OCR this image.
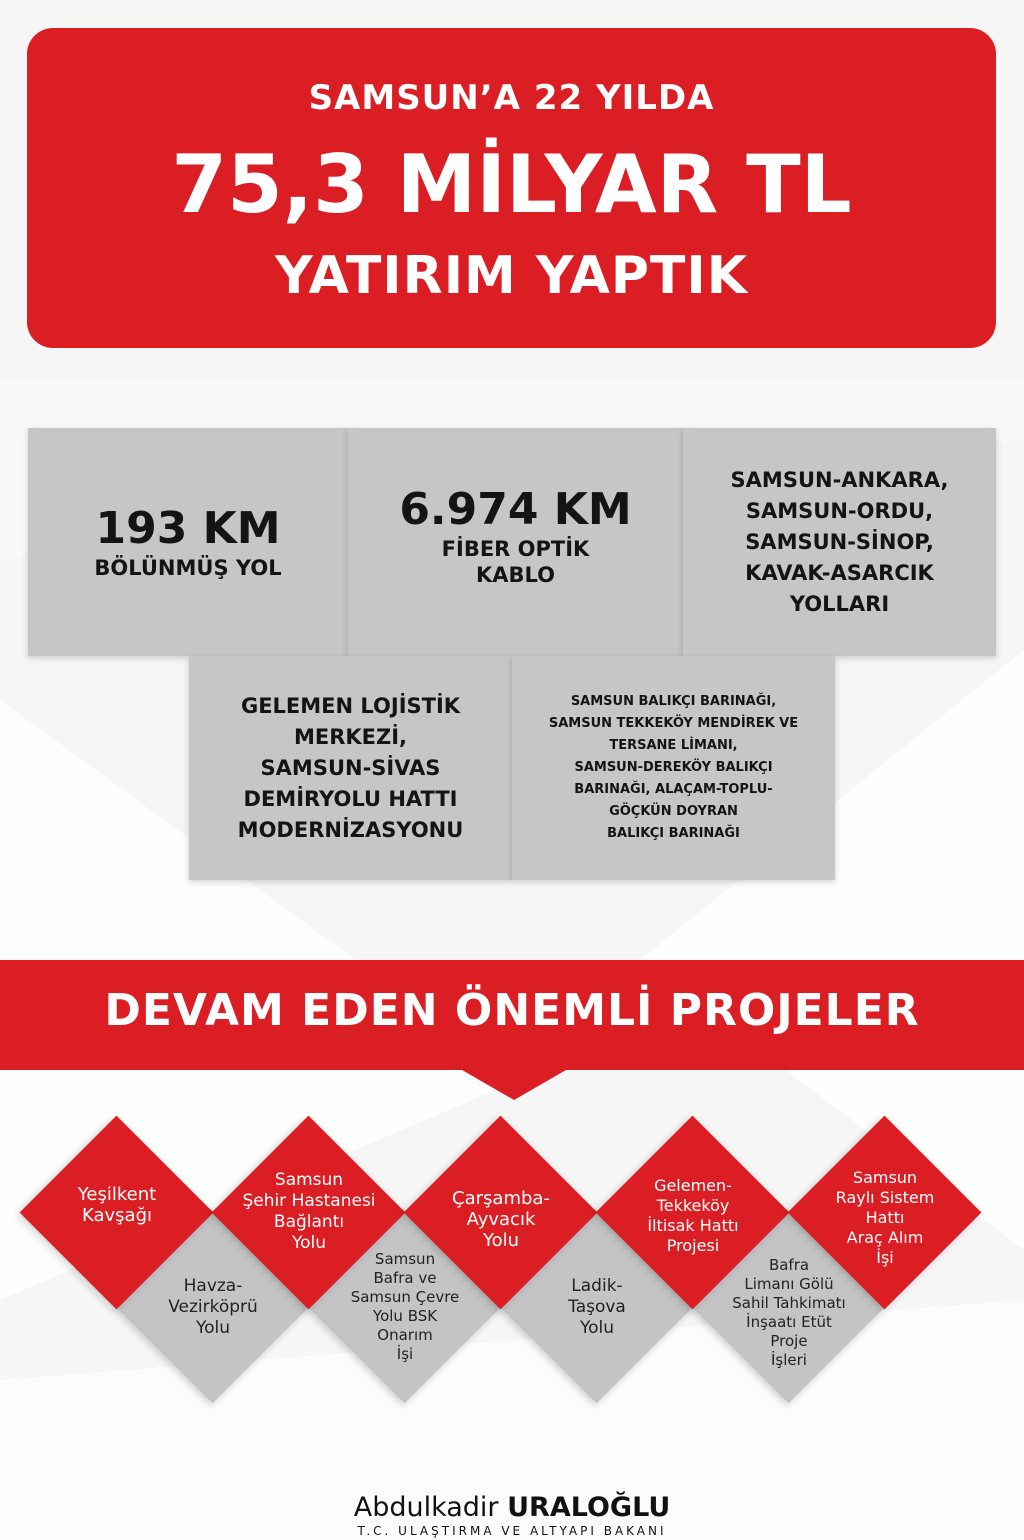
SAMSUN’A 22 YILDA
75,3 MİLYAR TL
YATIRIM YAPTIK
193 KM
BÖLÜNMÜŞ YOL
6.974 KM
FİBER OPTİK
KABLO
SAMSUN-ANKARA,
SAMSUN-ORDU,
SAMSUN-SİNOP,
KAVAK-ASARCIK
YOLLARI
GELEMEN LOJİSTİK
MERKEZİ,
SAMSUN-SİVAS
DEMİRYOLU HATTI
MODERNİZASYONU
SAMSUN BALIKÇI BARINAĞI,
SAMSUN TEKKEKÖY MENDİREK VE
TERSANE LİMANI,
SAMSUN-DEREKÖY BALIKÇI
BARINAĞI, ALAÇAM-TOPLU-
GÖÇKÜN DOYRAN
BALIKÇI BARINAĞI
DEVAM EDEN ÖNEMLİ PROJELER
Yeşilkent
Kavşağı
Havza-
Vezirköprü
Yolu
Samsun
Şehir Hastanesi
Bağlantı
Yolu
Samsun
Bafra ve
Samsun Çevre
Yolu BSK
Onarım
İşi
Çarşamba-
Ayvacık
Yolu
Ladik-
Taşova
Yolu
Gelemen-
Tekkeköy
İltisak Hattı
Projesi
Bafra
Limanı Gölü
Sahil Tahkimatı
İnşaatı Etüt
Proje
İşleri
Samsun
Raylı Sistem
Hattı
Araç Alım
İşi
Abdulkadir URALOĞLU
T.C. ULAŞTIRMA VE ALTYAPI BAKANI
